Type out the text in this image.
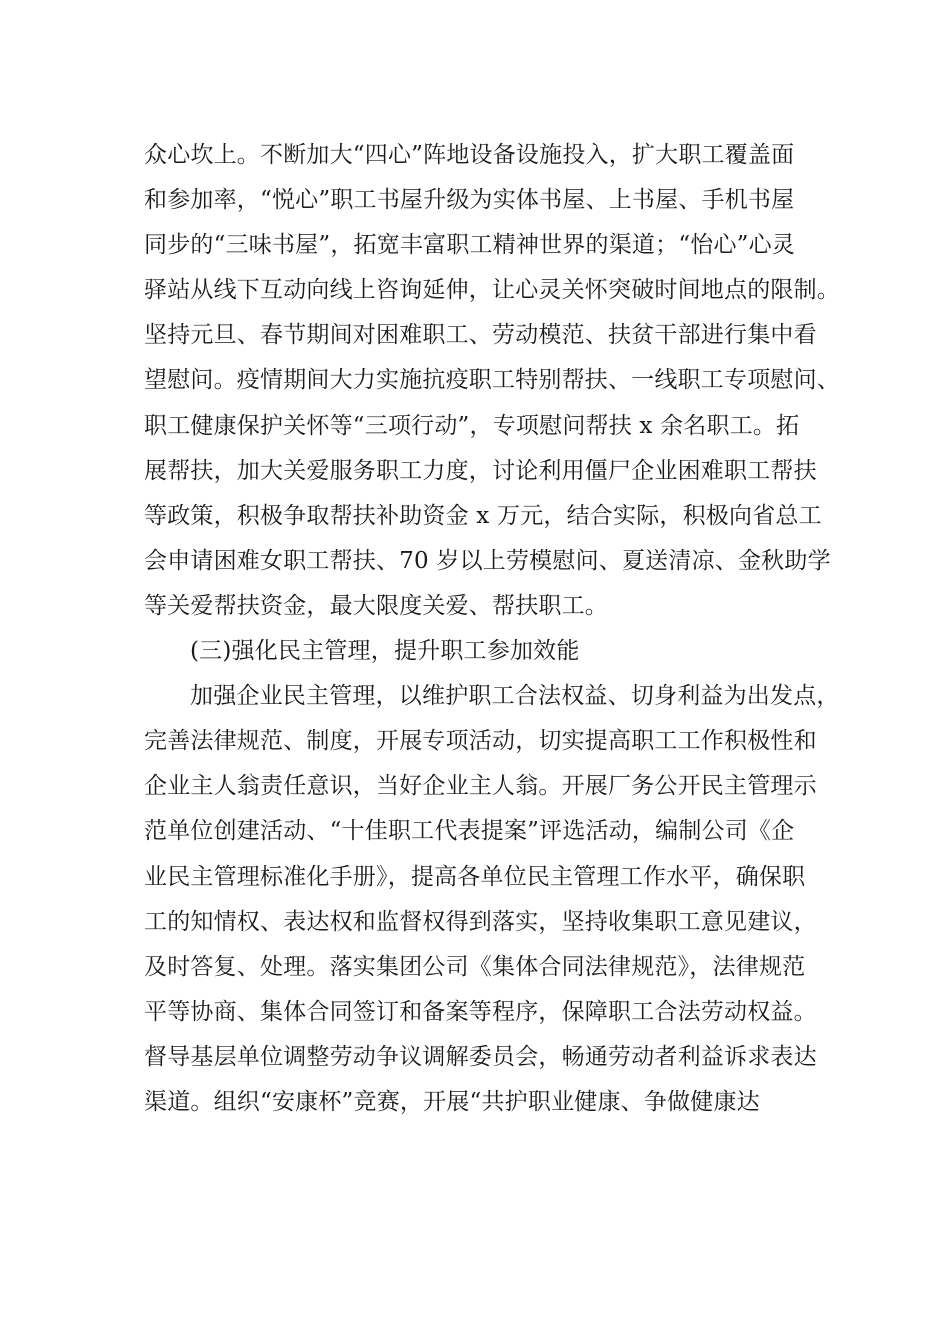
众心坎上。不断加大“四心”阵地设备设施投入，扩大职工覆盖面
和参加率，“悦心”职工书屋升级为实体书屋、上书屋、手机书屋
同步的“三味书屋”，拓宽丰富职工精神世界的渠道；“怡心”心灵
驿站从线下互动向线上咨询延伸，让心灵关怀突破时间地点的限制。
坚持元旦、春节期间对困难职工、劳动模范、扶贫干部进行集中看
望慰问。疫情期间大力实施抗疫职工特别帮扶、一线职工专项慰问、
职工健康保护关怀等“三项行动”，专项慰问帮扶 x 余名职工。拓
展帮扶，加大关爱服务职工力度，讨论利用僵尸企业困难职工帮扶
等政策，积极争取帮扶补助资金 x 万元，结合实际，积极向省总工
会申请困难女职工帮扶、70 岁以上劳模慰问、夏送清凉、金秋助学
等关爱帮扶资金，最大限度关爱、帮扶职工。
(三)强化民主管理，提升职工参加效能
加强企业民主管理，以维护职工合法权益、切身利益为出发点，
完善法律规范、制度，开展专项活动，切实提高职工工作积极性和
企业主人翁责任意识，当好企业主人翁。开展厂务公开民主管理示
范单位创建活动、“十佳职工代表提案”评选活动，编制公司《企
业民主管理标准化手册》，提高各单位民主管理工作水平，确保职
工的知情权、表达权和监督权得到落实，坚持收集职工意见建议，
及时答复、处理。落实集团公司《集体合同法律规范》，法律规范
平等协商、集体合同签订和备案等程序，保障职工合法劳动权益。
督导基层单位调整劳动争议调解委员会，畅通劳动者利益诉求表达
渠道。组织“安康杯”竞赛，开展“共护职业健康、争做健康达
